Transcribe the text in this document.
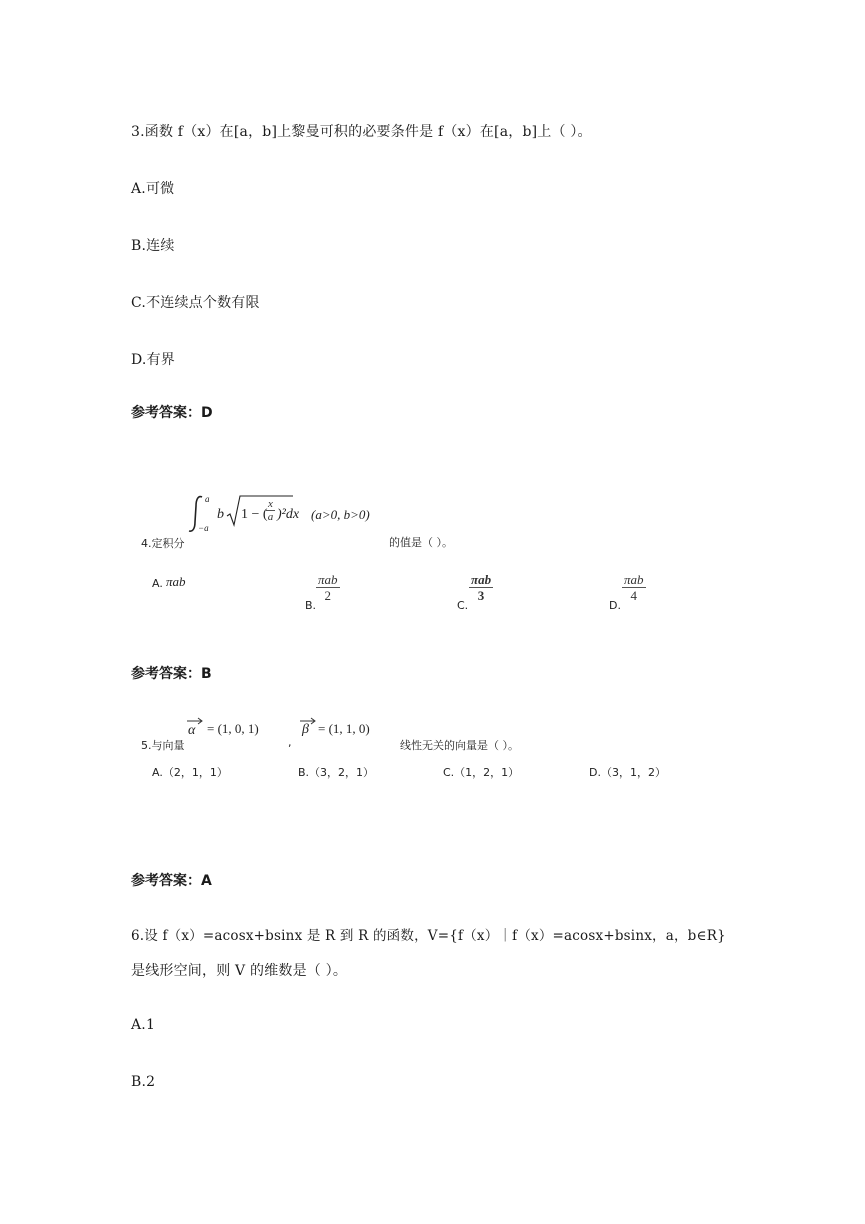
3.函数 f（x）在[a，b]上黎曼可积的必要条件是 f（x）在[a，b]上（ ）。
A.可微
B.连续
C.不连续点个数有限
D.有界
参考答案：D
4.定积分
a
−a
b 1 − (
$\frac{x}{a} )^2dx$ (a>0, b>0)
的值是（ ）。
A. πab
B.
πab
2
C.
πab
3
D.
πab
4
参考答案：B
5.与向量
α = (1, 0, 1)
,
β = (1, 1, 0)
线性无关的向量是（ ）。
A.（2，1，1）	B.（3，2，1）	C.（1，2，1）	D.（3，1，2）
参考答案：A
6.设 f（x）=acosx+bsinx 是 R 到 R 的函数，V={f（x）｜f（x）=acosx+bsinx，a，b∈R}
是线形空间，则 V 的维数是（ ）。
A.1
B.2
